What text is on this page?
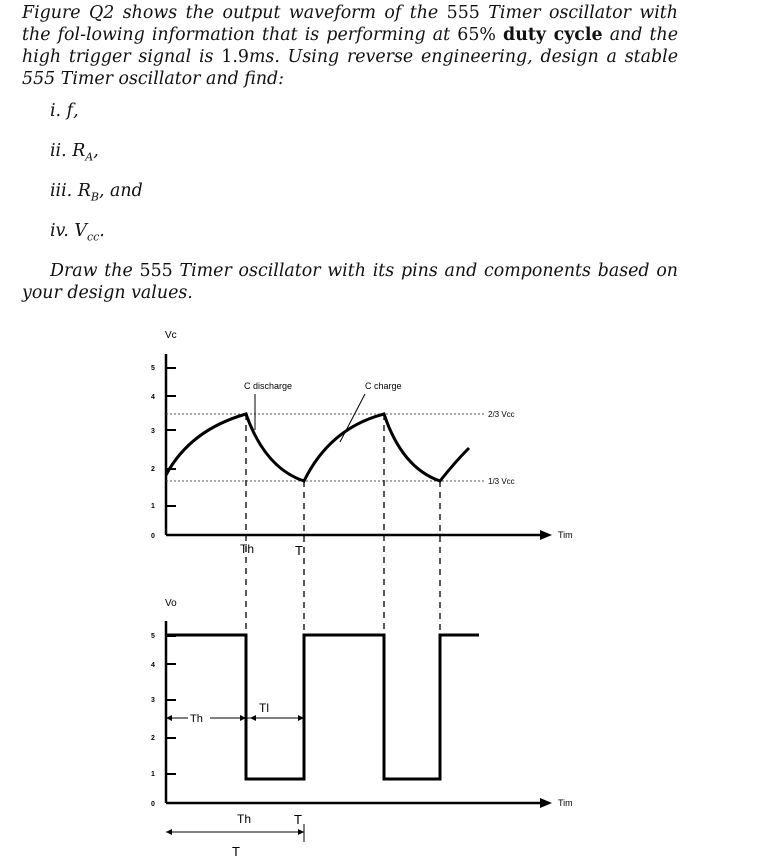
Figure Q2 shows the output waveform of the 555 Timer oscillator with the fol-lowing information that is performing at 65% duty cycle and the high trigger signal is 1.9ms. Using reverse engineering, design a stable 555 Timer oscillator and find:

i. f,
ii. $R_A$,
iii. $R_B$, and
iv. $V_{cc}$.

Draw the 555 Timer oscillator with its pins and components based on your design values.

Vc
0
1
2
3
4
5
2/3 Vcc
1/3 Vcc
C discharge	C charge
Tim
Th	T
Vo
0
1
2
3
4
5
Th
Tl
Tim
Th	T
T
